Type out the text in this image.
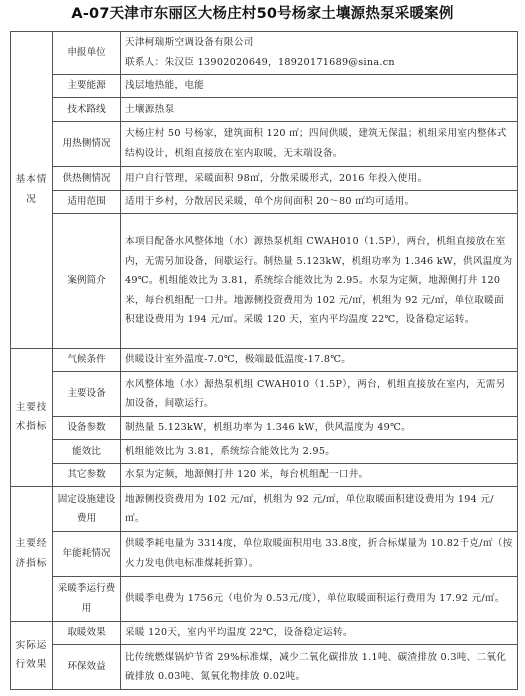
A-07天津市东丽区大杨庄村50号杨家土壤源热泵采暖案例
基本情况	申报单位	天津柯瑞斯空调设备有限公司
联系人：朱汉臣 13902020649，18920171689@sina.cn
	主要能源	浅层地热能，电能
	技术路线	土壤源热泵
	用热侧情况	大杨庄村 50 号杨家，建筑面积 120 ㎡；四间供暖，建筑无保温；机组采用室内整体式结构设计，机组直接放在室内取暖，无末端设备。
	供热侧情况	用户自行管理，采暖面积 98㎡，分散采暖形式，2016 年投入使用。
	适用范围	适用于乡村，分散居民采暖，单个房间面积 20～80 ㎡均可适用。
	案例简介	本项目配备水风整体地（水）源热泵机组 CWAH010（1.5P），两台，机组直接放在室内，无需另加设备，间歇运行。制热量 5.123kW，机组功率为 1.346 kW，供风温度为 49℃。机组能效比为 3.81，系统综合能效比为 2.95。水泵为定频，地源侧打井 120 米，每台机组配一口井。地源侧投资费用为 102 元/㎡，机组为 92 元/㎡，单位取暖面积建设费用为 194 元/㎡。采暖 120 天，室内平均温度 22℃，设备稳定运转。
主要技术指标	气候条件	供暖设计室外温度-7.0℃，极端最低温度-17.8℃。
	主要设备	水风整体地（水）源热泵机组 CWAH010（1.5P），两台，机组直接放在室内，无需另加设备，间歇运行。
	设备参数	制热量 5.123kW，机组功率为 1.346 kW，供风温度为 49℃。
	能效比	机组能效比为 3.81，系统综合能效比为 2.95。
	其它参数	水泵为定频，地源侧打井 120 米，每台机组配一口井。
主要经济指标	固定设施建设费用	地源侧投资费用为 102 元/㎡，机组为 92 元/㎡，单位取暖面积建设费用为 194 元/㎡。
	年能耗情况	供暖季耗电量为 3314度，单位取暖面积用电 33.8度，折合标煤量为 10.82千克/㎡（按火力发电供电标准煤耗折算）。
	采暖季运行费用	供暖季电费为 1756元（电价为 0.53元/度），单位取暖面积运行费用为 17.92 元/㎡。
实际运行效果	取暖效果	采暖 120天，室内平均温度 22℃，设备稳定运转。
	环保效益	比传统燃煤锅炉节省 29%标准煤，减少二氧化碳排放 1.1吨、碳渣排放 0.3吨、二氧化硫排放 0.03吨、氮氧化物排放 0.02吨。
